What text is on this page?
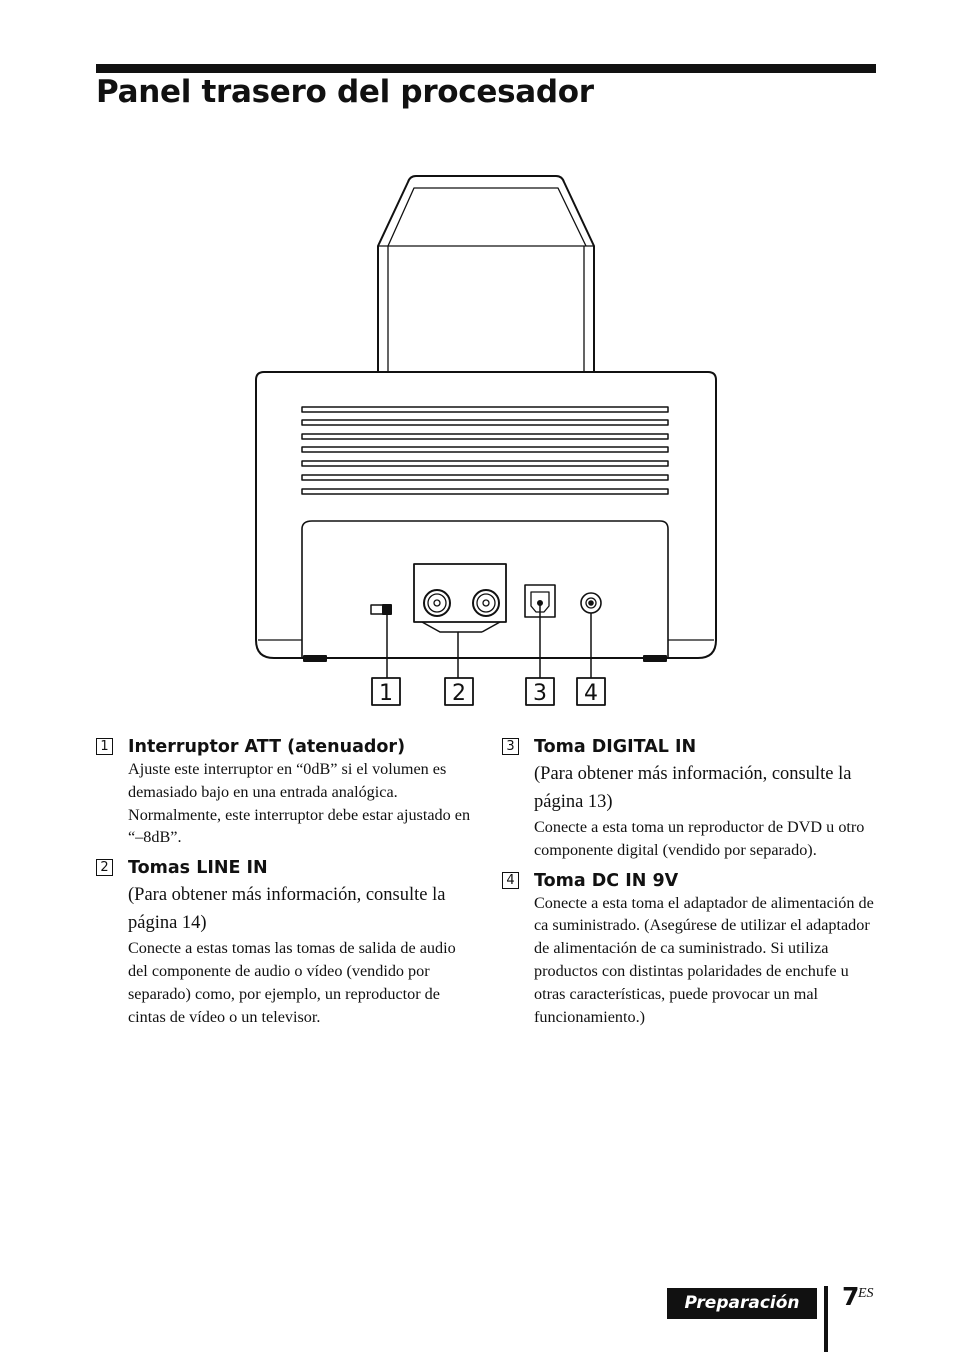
Panel trasero del procesador
1	2	3 4
1 Interruptor ATT (atenuador)
Ajuste este interruptor en “0dB” si el volumen es demasiado bajo en una entrada analógica. Normalmente, este interruptor debe estar ajustado en “–8dB”.
2 Tomas LINE IN
(Para obtener más información, consulte la página 14)
Conecte a estas tomas las tomas de salida de audio del componente de audio o vídeo (vendido por separado) como, por ejemplo, un reproductor de cintas de vídeo o un televisor.
3 Toma DIGITAL IN
(Para obtener más información, consulte la página 13)
Conecte a esta toma un reproductor de DVD u otro componente digital (vendido por separado).
4 Toma DC IN 9V
Conecte a esta toma el adaptador de alimentación de ca suministrado. (Asegúrese de utilizar el adaptador de alimentación de ca suministrado. Si utiliza productos con distintas polaridades de enchufe u otras características, puede provocar un mal funcionamiento.)
Preparación	7
ES
